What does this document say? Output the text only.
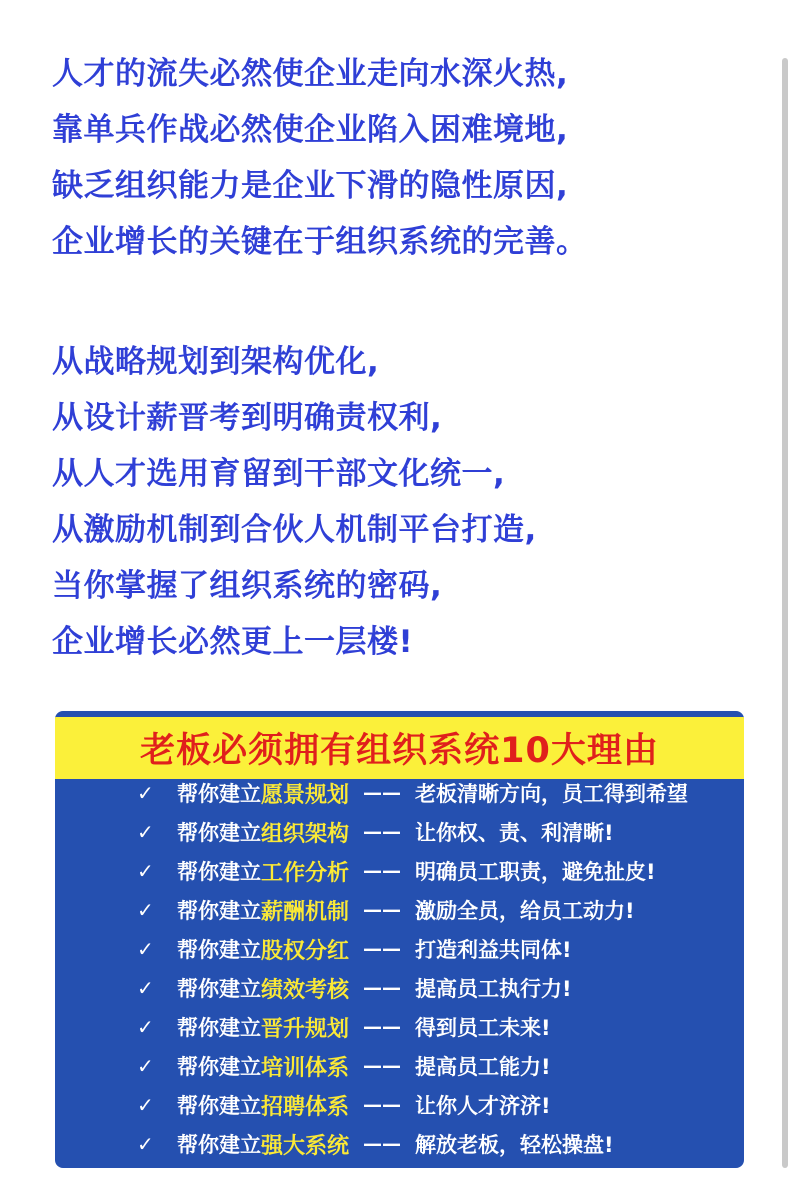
人才的流失必然使企业走向水深火热,
靠单兵作战必然使企业陷入困难境地,
缺乏组织能力是企业下滑的隐性原因,
企业增长的关键在于组织系统的完善。
从战略规划到架构优化,
从设计薪晋考到明确责权利,
从人才选用育留到干部文化统一,
从激励机制到合伙人机制平台打造,
当你掌握了组织系统的密码,
企业增长必然更上一层楼!
老板必须拥有组织系统10大理由
✓ 帮你建立 愿景规划 —— 老板清晰方向，员工得到希望
✓ 帮你建立 组织架构 —— 让你权、责、利清晰!
✓ 帮你建立 工作分析 —— 明确员工职责，避免扯皮!
✓ 帮你建立 薪酬机制 —— 激励全员，给员工动力!
✓ 帮你建立 股权分红 —— 打造利益共同体!
✓ 帮你建立 绩效考核 —— 提高员工执行力!
✓ 帮你建立 晋升规划 —— 得到员工未来!
✓ 帮你建立 培训体系 —— 提高员工能力!
✓ 帮你建立 招聘体系 —— 让你人才济济!
✓ 帮你建立 强大系统 —— 解放老板，轻松操盘!
